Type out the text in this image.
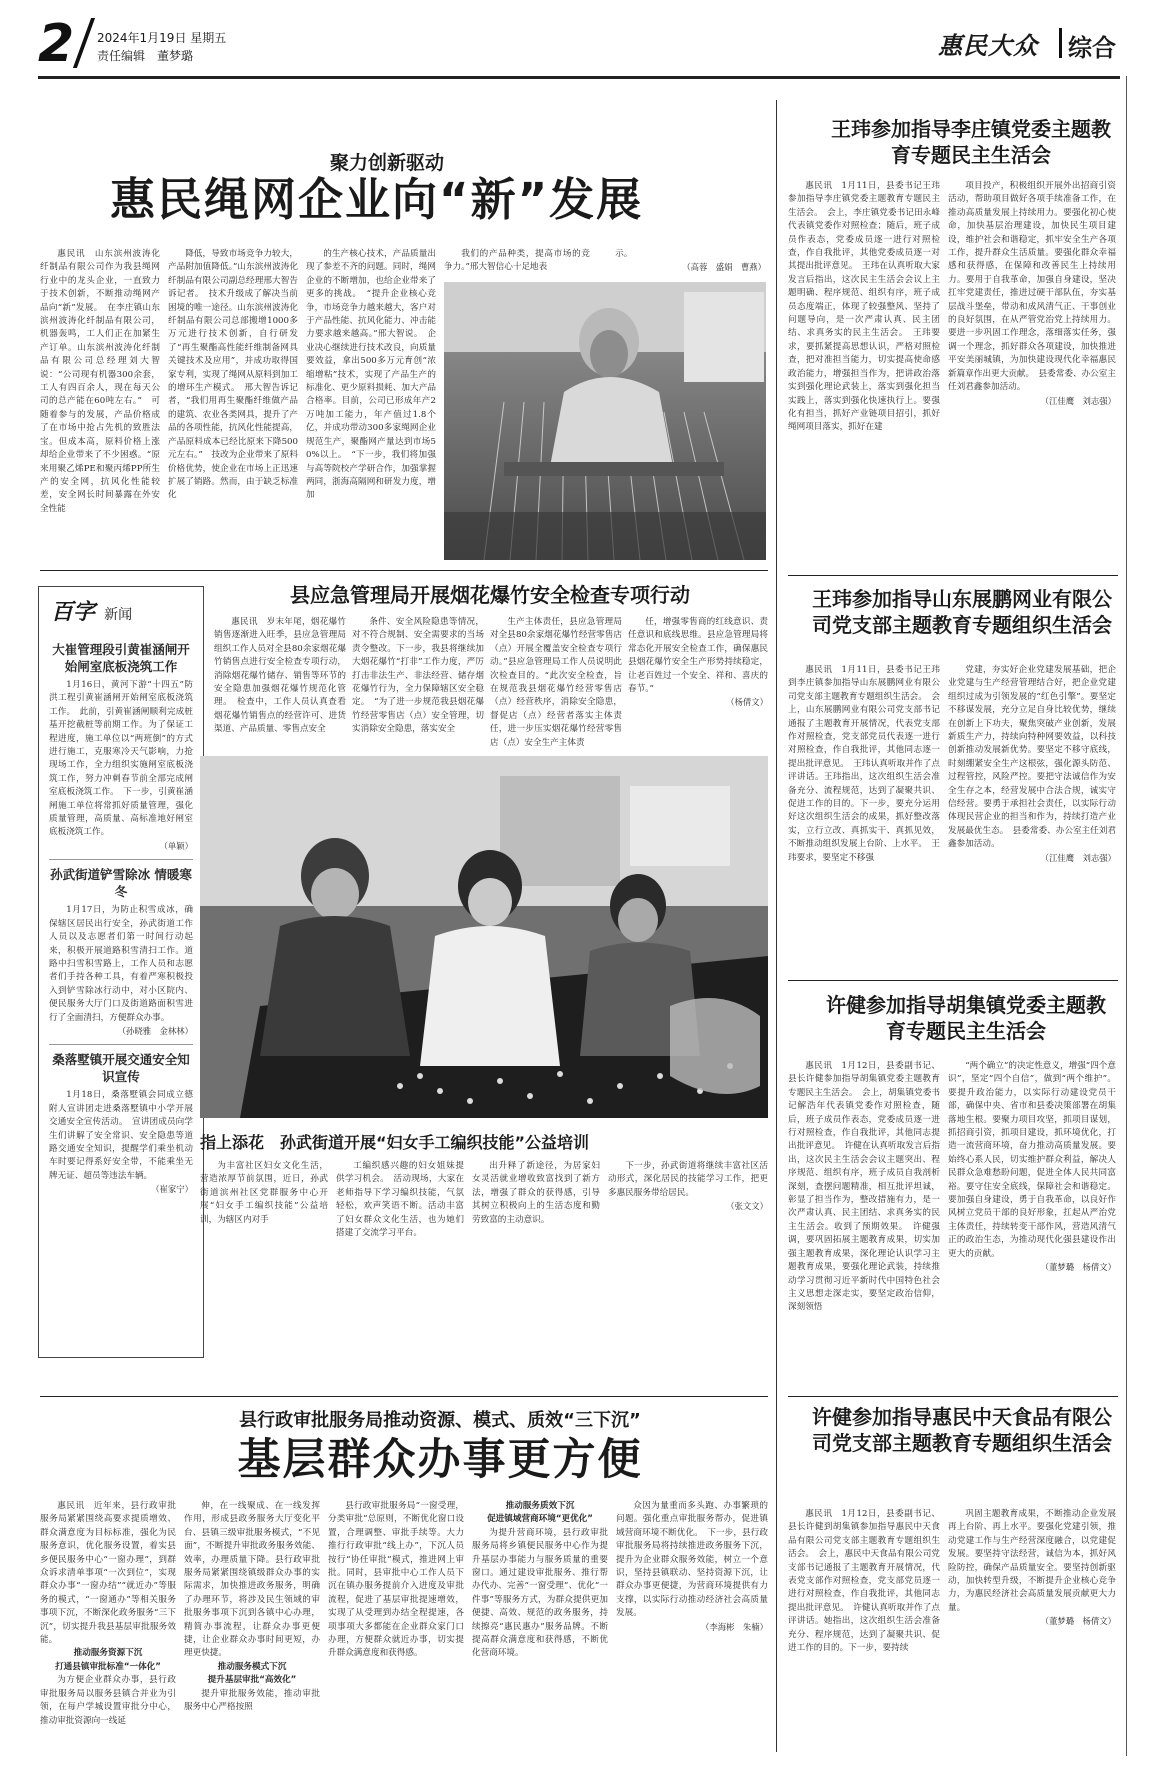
2 2024年1月19日 星期五
责任编辑　董梦璐	惠民大众 综合
聚力创新驱动
惠民绳网企业向“新”发展

惠民讯　山东滨州波涛化纤制品有限公司作为我县绳网行业中的龙头企业，一直致力于技术创新，不断推动绳网产品向“新”发展。　在李庄镇山东滨州波涛化纤制品有限公司，机器轰鸣，工人们正在加紧生产订单。山东滨州波涛化纤制品有限公司总经理刘大智说：“公司现有机器300余套，工人有四百余人，现在每天公司的总产能在60吨左右。”　可随着参与的发展，产品价格成了在市场中抢占先机的致胜法宝。但成本高，原料价格上涨却给企业带来了不少困惑。“原来用聚乙烯PE和聚丙烯PP所生产的安全网，抗风化性能较差，安全网长时间暴露在外安全性能

降低，导致市场竞争力较大，产品附加值降低。”山东滨州波涛化纤制品有限公司副总经理邢大智告诉记者。　技术升级成了解决当前困境的唯一途径。山东滨州波涛化纤制品有限公司总部搬增1000多万元进行技术创新，自行研发了“再生聚酯高性能纤维制备网具关键技术及应用”，并成功取得国家专利，实现了绳网从原料到加工的增环生产模式。　邢大智告诉记者，“我们用再生聚酯纤维做产品的建筑、农业各类网具，提升了产品的各项性能，抗风化性能提高，产品原料成本已经比原来下降500元左右。”　技改为企业带来了原料价格优势，使企业在市场上正迅速扩展了销路。然而，由于缺乏标准化

的生产核心技术，产品质量出现了参差不齐的问题。同时，绳网企业的不断增加，也给企业带来了更多的挑战。　“提升企业核心竞争，市场竞争力越来越大，客户对于产品性能、抗风化能力、冲击能力要求越来越高。”邢大智说。　企业决心继续进行技术改良，向质量要效益，拿出500多万元育创“浓缩增粘”技术，实现了产品生产的标准化、更少原料损耗、加大产品合格率。目前，公司已形成年产2万吨加工能力，年产值过1.8个亿，并成功带动300多家绳网企业规范生产，聚酯网产量达到市场50%以上。　“下一步，我们将加强与高等院校产学研合作，加强掌握两同，浙海高隔网和研发力度，增加

我们的产品种类，提高市场的竞争力。”邢大智信心十足地表

示。

（高蓉　盛娟　曹燕）
王玮参加指导李庄镇党委主题教育专题民主生活会

惠民讯　1月11日，县委书记王玮参加指导李庄镇党委主题教育专题民主生活会。　会上，李庄镇党委书记田永峰代表镇党委作对照检查；随后，班子成员作表态，党委成员逐一进行对照检查，作自我批评，其他党委成员逐一对其提出批评意见。　王玮在认真听取大家发言后指出，这次民主生活会会议上主题明确、程序规范、组织有序，班子成员态度端正，体现了较强整风、坚持了问题导向，是一次严肃认真、民主团结、求真务实的民主生活会。　王玮要求，要抓紧提高思想认识，严格对照检查，把对准担当能力，切实提高使命感政治能力，增强担当作为，把讲政治落实到强化理论武装上，落实到强化担当实践上，落实到强化快速执行上。要强化有担当，抓好产业链项目招引，抓好绳网项目落实，抓好在建

项目投产，积极组织开展外出招商引资活动，帮助项目做好各项手续准备工作，在推动高质量发展上持续用力。要强化初心使命，加快基层治理建设，加快民生项目建设，维护社会和谐稳定，抓牢安全生产各项工作，提升群众生活质量。要强化群众幸福感和获得感，在保障和改善民生上持续用力。要用于自我革命，加强自身建设，坚决扛牢党建责任，推进过硬干部队伍，夯实基层战斗堡垒，带动和成风清气正、干事创业的良好氛围，在从严管党治党上持续用力。要进一步巩固工作理念，落细落实任务，强调一个理念，抓好群众各项建设，加快推进平安美丽城镇，为加快建设现代化幸福惠民新篇章作出更大贡献。　县委常委、办公室主任刘君鑫参加活动。

（江佳鹰　刘志强）
百字 新闻
大崔管理段引黄崔涵闸开始闸室底板浇筑工作

1月16日，黄河下游“十四五”防洪工程引黄崔涵闸开始闸室底板浇筑工作。　此前，引黄崔涵闸顺利完成桩基开挖截桩等前期工作。为了保证工程进度，施工单位以“两班倒”的方式进行施工，克服寒冷天气影响，力抢现场工作，全力组织实施闸室底板浇筑工作，努力冲刺春节前全部完成闸室底板浇筑工作。　下一步，引黄崔涵闸施工单位将常抓好质量管理，强化质量管理，高质量、高标准地好闸室底板浇筑工作。

（单颖）
孙武街道铲雪除冰 情暖寒冬

1月17日，为防止积雪成冰，确保辖区居民出行安全，孙武街道工作人员以及志愿者们第一时间行动起来，积极开展道路积雪清扫工作。道路中扫雪积雪路上，工作人员和志愿者们手持各种工具，有着严寒积极投入到铲雪除冰行动中，对小区院内、便民服务大厅门口及街道路面积雪进行了全面清扫，方便群众办事。

（孙晓雅　金林林）
桑落墅镇开展交通安全知识宣传

1月18日，桑落墅镇会同成立德附人宣讲团走进桑落墅镇中小学开展交通安全宣传活动。　宣讲团成员向学生们讲解了安全常识、安全隐患等道路交通安全知识，提醒学们乘坐机动车时要记得系好安全带，不能乘坐无牌无证、超员等违法车辆。

（崔家宁）
县应急管理局开展烟花爆竹安全检查专项行动

惠民讯　岁末年尾，烟花爆竹销售逐渐进入旺季，县应急管理局组织工作人员对全县80余家烟花爆竹销售点进行安全检查专项行动，消除烟花爆竹储存、销售等环节的安全隐患加强烟花爆竹规范化管理。　检查中，工作人员认真查看烟花爆竹销售点的经营许可、进货渠道、产品质量、零售点安全

条件、安全风险隐患等情况，对不符合规制、安全需要求的当场责令整改。下一步，我县将继续加大烟花爆竹“打非”工作力度，严厉打击非法生产、非法经营、储存烟花爆竹行为，全力保障辖区安全稳定。　“为了进一步规范我县烟花爆竹经营零售店（点）安全管理，切实消除安全隐患，落实安全

生产主体责任，县应急管理局对全县80余家烟花爆竹经营零售店（点）开展全覆盖安全检查专项行动。”县应急管理局工作人员说明此次检查目的。“此次安全检查，旨在规范我县烟花爆竹经营零售店（点）经营秩序，消除安全隐患，督促店（点）经营者落实主体责任，进一步压实烟花爆竹经营零售店（点）安全生产主体责

任，增强零售商的红线意识、责任意识和底线思维。县应急管理局将常态化开展安全检查工作，确保惠民县烟花爆竹安全生产形势持续稳定，让老百姓过一个安全、祥和、喜庆的春节。”

（杨倩文）
指上添花　孙武街道开展“妇女手工编织技能”公益培训

为丰富社区妇女文化生活，营造浓厚节前氛围，近日，孙武街道滨州社区党群服务中心开展“妇女手工编织技能”公益培训，为辖区内对手

工编织感兴趣的妇女姐妹提供学习机会。　活动现场，大家在老师指导下学习编织技能，气氛轻松，欢声笑语不断。活动丰富了妇女群众文化生活，也为她们搭建了交流学习平台。

出升释了新途径，为居家妇女灵活就业增收致富找到了新方法，增强了群众的获得感，引导其树立积极向上的生活态度和勤劳致富的主动意识。

下一步，孙武街道将继续丰富社区活动形式，深化居民的技能学习工作，把更多惠民服务带给居民。

（张文文）
王玮参加指导山东展鹏网业有限公司党支部主题教育专题组织生活会

惠民讯　1月11日，县委书记王玮到李庄镇参加指导山东展鹏网业有限公司党支部主题教育专题组织生活会。　会上，山东展鹏网业有限公司党支部书记通报了主题教育开展情况，代表党支部作对照检查，党支部党员代表逐一进行对照检查，作自我批评，其他同志逐一提出批评意见。　王玮认真听取并作了点评讲话。王玮指出，这次组织生活会准备充分、流程规范，达到了凝聚共识、促进工作的目的。下一步，要充分运用好这次组织生活会的成果，抓好整改落实，立行立改、真抓实干、真抓见效，不断推动组织发展上台阶、上水平。　王玮要求，要坚定不移强

党建，夯实好企业党建发展基础，把企业党建与生产经营管理结合好，把企业党建组织过成为引领发展的“红色引擎”。要坚定不移谋发展，充分立足自身比较优势，继续在创新上下功夫，聚焦突破产业创新，发展新质生产力，持续向特种网要效益，以科技创新推动发展新优势。要坚定不移守底线，时刻绷紧安全生产这根弦，强化源头防范、过程管控，风险严控。要把守法诚信作为安全生存之本，经营发展中合法合规，诚实守信经营。要勇于承担社会责任，以实际行动体现民营企业的担当和作为，持续打造产业发展最优生态。　县委常委、办公室主任刘君鑫参加活动。

（江佳鹰　刘志强）
许健参加指导胡集镇党委主题教育专题民主生活会

惠民讯　1月12日，县委副书记、县长许健参加指导胡集镇党委主题教育专题民主生活会。　会上，胡集镇党委书记解浩年代表镇党委作对照检查，随后，班子成员作表态，党委成员逐一进行对照检查，作自我批评，其他同志提出批评意见。　许健在认真听取发言后指出，这次民主生活会会议主题突出、程序规范、组织有序，班子成员自我剖析深刻，查摆问题精准，相互批评坦诚，彰显了担当作为，整改措施有力，是一次严肃认真、民主团结、求真务实的民主生活会。收到了预期效果。　许健强调，要巩固拓展主题教育成果，切实加强主题教育成果，深化理论认识学习主题教育成果，要强化理论武装，持续推动学习贯彻习近平新时代中国特色社会主义思想走深走实，要坚定政治信仰，深刻领悟

“两个确立”的决定性意义，增强“四个意识”，坚定“四个自信”，做到“两个维护”。要提升政治能力，以实际行动建设党员干部，确保中央、省市和县委决策部署在胡集落地生根。要聚力项目攻坚，抓项目谋划，抓招商引资，抓项目建设，抓环境优化，打造一流营商环境，奋力推动高质量发展。要始终心系人民，切实维护群众利益，解决人民群众急难愁盼问题，促进全体人民共同富裕。要守住安全底线，保障社会和谐稳定。要加强自身建设，勇于自我革命，以良好作风树立党员干部的良好形象，扛起从严治党主体责任，持续转变干部作风，营造风清气正的政治生态，为推动现代化强县建设作出更大的贡献。

（董梦璐　杨倩文）
县行政审批服务局推动资源、模式、质效“三下沉”
基层群众办事更方便

惠民讯　近年来，县行政审批服务局紧紧围绕高要求提质增效、群众满意度为目标标准，强化为民服务意识，优化服务设置，着实县乡便民服务中心“一窗办理”，到群众诉求清单事项“一次到位”，实现群众办事“一窗办结”“就近办”等服务的模式，“一窗通办”等相关服务事项下沉，不断深化政务服务“三下沉”，切实提升我县基层审批服务效能。

推动服务资源下沉
打通县镇审批标准“一体化”

为方便企业群众办事，县行政审批服务局以服务县镇合并业为引领，在每户学城设置审批分中心，推动审批资源向一线延

伸，在一线聚成、在一线发挥作用，形成县政务服务大厅变化平台、县镇三级审批服务模式，“不见面”，不断提升审批政务服务效能、效率，办理质量下降。县行政审批服务局紧紧围绕镇级群众办事的实际需求，加快推进政务服务，明确了办理环节，将涉及民生领域的审批服务事项下沉到各镇中心办理，精简办事流程，让群众办事更便捷，让企业群众办事时间更短，办理更快捷。

推动服务模式下沉
提升基层审批“高效化”

提升审批服务效能，推动审批服务中心严格按照

县行政审批服务局“一窗受理，分类审批”总原则，不断优化窗口设置，合理调整、审批手续等。大力推行行政审批“线上办”，下沉人员按行“协任审批”模式，推进网上审批。同时，县审批中心工作人员下沉在镇办服务提前介入进度及审批流程，促进了基层审批提速增效，实现了从受理到办结全程提速，各项事项大多都能在企业群众家门口办理，方便群众就近办事，切实提升群众满意度和获得感。

推动服务质效下沉
促进镇域营商环境“更优化”

为提升营商环境，县行政审批服务局将乡镇便民服务中心作为提升基层办事能力与服务质量的重要窗口。通过建设审批服务、推行帮办代办、完善“一窗受理”、优化“一件事”等服务方式，为群众提供更加便捷、高效、规范的政务服务，持续擦亮“惠民惠办”服务品牌。不断提高群众满意度和获得感，不断优化营商环境。

众因为量重而多头跑、办事繁琐的问题。强化重点审批服务帮办，促进镇域营商环境不断优化。　下一步，县行政审批服务局将持续推进政务服务下沉，提升为企业群众服务效能，树立一个意识，坚持县镇联动、坚持资源下沉，让群众办事更便捷，为营商环境提供有力支撑，以实际行动推动经济社会高质量发展。

（李海彬　朱楠）
许健参加指导惠民中天食品有限公司党支部主题教育专题组织生活会

惠民讯　1月12日，县委副书记、县长许健到胡集镇参加指导惠民中天食品有限公司党支部主题教育专题组织生活会。　会上，惠民中天食品有限公司党支部书记通报了主题教育开展情况，代表党支部作对照检查，党支部党员逐一进行对照检查，作自我批评，其他同志提出批评意见。　许健认真听取并作了点评讲话。她指出，这次组织生活会准备充分、程序规范，达到了凝聚共识、促进工作的目的。下一步，要持续

巩固主题教育成果，不断推动企业发展再上台阶、再上水平。要强化党建引领，推动党建工作与生产经营深度融合，以党建促发展。要坚持守法经营，诚信为本，抓好风险防控，确保产品质量安全。要坚持创新驱动，加快转型升级，不断提升企业核心竞争力，为惠民经济社会高质量发展贡献更大力量。

（董梦璐　杨倩文）
